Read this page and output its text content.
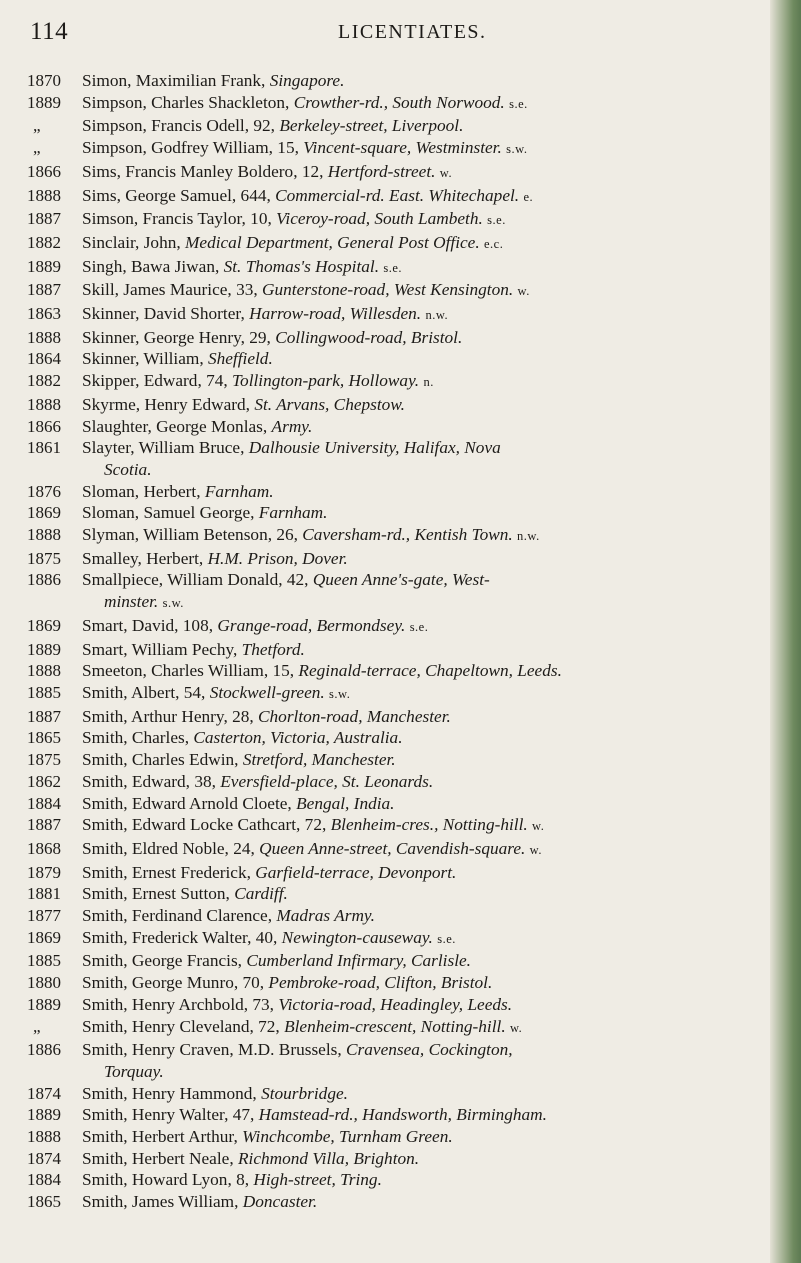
114	LICENTIATES.
1870	Simon, Maximilian Frank, Singapore.
1889	Simpson, Charles Shackleton, Crowther-rd., South Norwood. s.e.
„	Simpson, Francis Odell, 92, Berkeley-street, Liverpool.
„	Simpson, Godfrey William, 15, Vincent-square, Westminster. s.w.
1866	Sims, Francis Manley Boldero, 12, Hertford-street. w.
1888	Sims, George Samuel, 644, Commercial-rd. East. Whitechapel. e.
1887	Simson, Francis Taylor, 10, Viceroy-road, South Lambeth. s.e.
1882	Sinclair, John, Medical Department, General Post Office. e.c.
1889	Singh, Bawa Jiwan, St. Thomas's Hospital. s.e.
1887	Skill, James Maurice, 33, Gunterstone-road, West Kensington. w.
1863	Skinner, David Shorter, Harrow-road, Willesden. n.w.
1888	Skinner, George Henry, 29, Collingwood-road, Bristol.
1864	Skinner, William, Sheffield.
1882	Skipper, Edward, 74, Tollington-park, Holloway. n.
1888	Skyrme, Henry Edward, St. Arvans, Chepstow.
1866	Slaughter, George Monlas, Army.
1861	Slayter, William Bruce, Dalhousie University, Halifax, Nova
Scotia.
1876	Sloman, Herbert, Farnham.
1869	Sloman, Samuel George, Farnham.
1888	Slyman, William Betenson, 26, Caversham-rd., Kentish Town. n.w.
1875	Smalley, Herbert, H.M. Prison, Dover.
1886	Smallpiece, William Donald, 42, Queen Anne's-gate, West-
minster. s.w.
1869	Smart, David, 108, Grange-road, Bermondsey. s.e.
1889	Smart, William Pechy, Thetford.
1888	Smeeton, Charles William, 15, Reginald-terrace, Chapeltown, Leeds.
1885	Smith, Albert, 54, Stockwell-green. s.w.
1887	Smith, Arthur Henry, 28, Chorlton-road, Manchester.
1865	Smith, Charles, Casterton, Victoria, Australia.
1875	Smith, Charles Edwin, Stretford, Manchester.
1862	Smith, Edward, 38, Eversfield-place, St. Leonards.
1884	Smith, Edward Arnold Cloete, Bengal, India.
1887	Smith, Edward Locke Cathcart, 72, Blenheim-cres., Notting-hill. w.
1868	Smith, Eldred Noble, 24, Queen Anne-street, Cavendish-square. w.
1879	Smith, Ernest Frederick, Garfield-terrace, Devonport.
1881	Smith, Ernest Sutton, Cardiff.
1877	Smith, Ferdinand Clarence, Madras Army.
1869	Smith, Frederick Walter, 40, Newington-causeway. s.e.
1885	Smith, George Francis, Cumberland Infirmary, Carlisle.
1880	Smith, George Munro, 70, Pembroke-road, Clifton, Bristol.
1889	Smith, Henry Archbold, 73, Victoria-road, Headingley, Leeds.
„	Smith, Henry Cleveland, 72, Blenheim-crescent, Notting-hill. w.
1886	Smith, Henry Craven, M.D. Brussels, Cravensea, Cockington,
Torquay.
1874	Smith, Henry Hammond, Stourbridge.
1889	Smith, Henry Walter, 47, Hamstead-rd., Handsworth, Birmingham.
1888	Smith, Herbert Arthur, Winchcombe, Turnham Green.
1874	Smith, Herbert Neale, Richmond Villa, Brighton.
1884	Smith, Howard Lyon, 8, High-street, Tring.
1865	Smith, James William, Doncaster.
